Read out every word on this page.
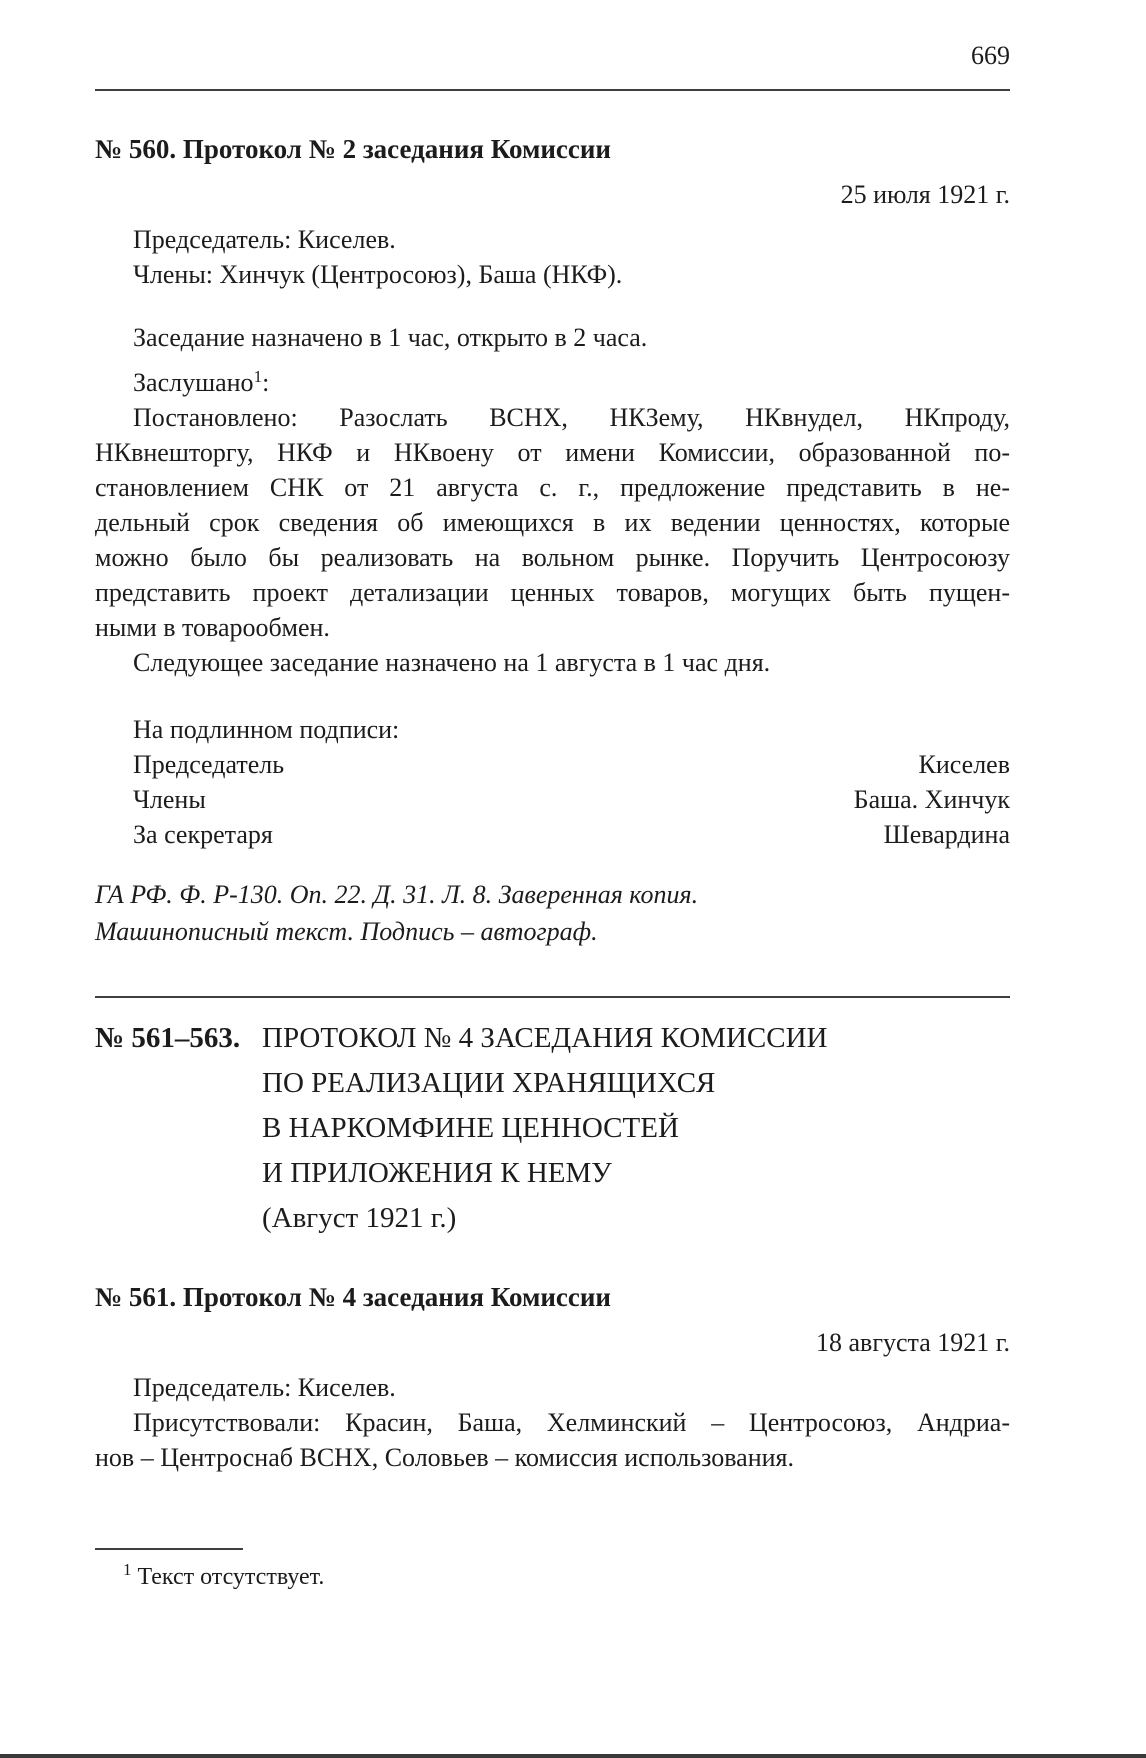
669
№ 560. Протокол № 2 заседания Комиссии
25 июля 1921 г.
Председатель: Киселев.
Члены: Хинчук (Центросоюз), Баша (НКФ).
Заседание назначено в 1 час, открыто в 2 часа.
Заслушано$^1$:
Постановлено: Разослать ВСНХ, НКЗему, НКвнудел, НКпроду,
НКвнешторгу, НКФ и НКвоену от имени Комиссии, образованной по-
становлением СНК от 21 августа с. г., предложение представить в не-
дельный срок сведения об имеющихся в их ведении ценностях, которые
можно было бы реализовать на вольном рынке. Поручить Центросоюзу
представить проект детализации ценных товаров, могущих быть пущен-
ными в товарообмен.
Следующее заседание назначено на 1 августа в 1 час дня.
На подлинном подписи:
Председатель	Киселев
Члены	Баша. Хинчук
За секретаря	Шевардина
ГА РФ. Ф. Р-130. Оп. 22. Д. 31. Л. 8. Заверенная копия.
Машинописный текст. Подпись – автограф.
№ 561–563. ПРОТОКОЛ № 4 ЗАСЕДАНИЯ КОМИССИИ
ПО РЕАЛИЗАЦИИ ХРАНЯЩИХСЯ
В НАРКОМФИНЕ ЦЕННОСТЕЙ
И ПРИЛОЖЕНИЯ К НЕМУ
(Август 1921 г.)
№ 561. Протокол № 4 заседания Комиссии
18 августа 1921 г.
Председатель: Киселев.
Присутствовали: Красин, Баша, Хелминский – Центросоюз, Андриа-
нов – Центроснаб ВСНХ, Соловьев – комиссия использования.
$^1$ Текст отсутствует.
